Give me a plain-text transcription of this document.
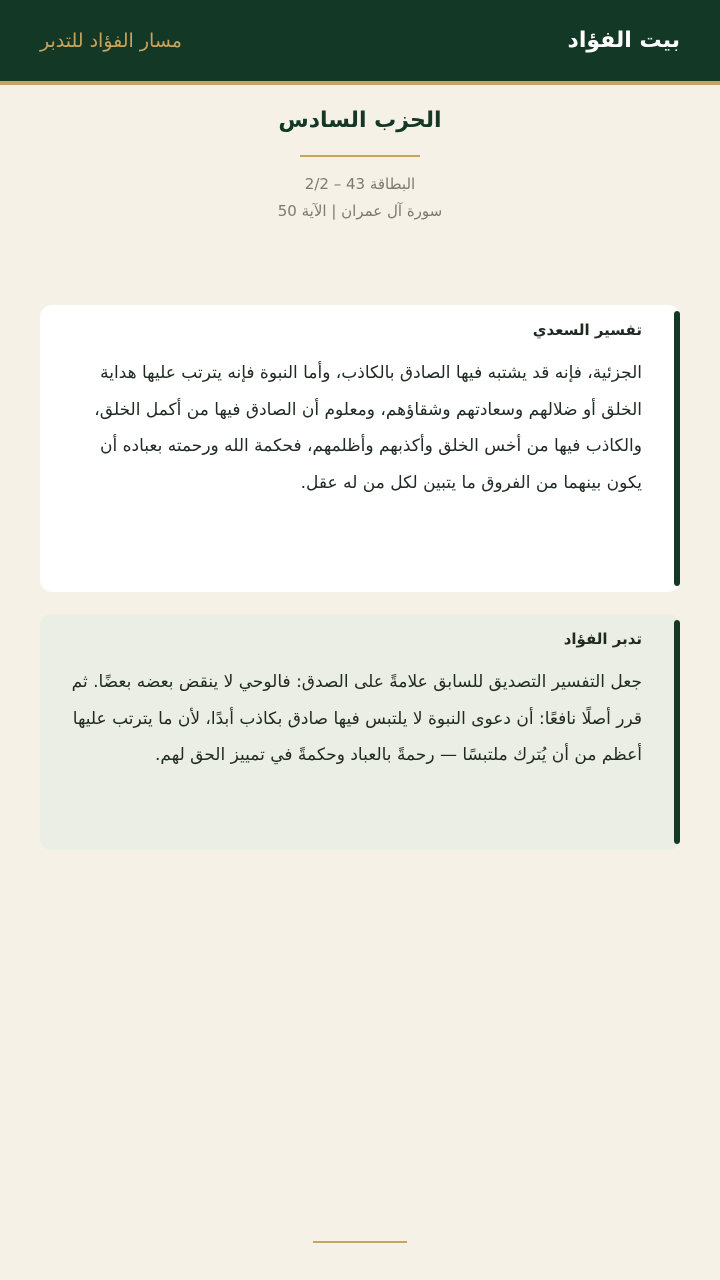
بيت الفؤاد
مسار الفؤاد للتدبر
الحزب السادس
البطاقة 43 – 2/2
سورة آل عمران | الآية 50
تفسير السعدي
الجزئية، فإنه قد يشتبه فيها الصادق بالكاذب، وأما النبوة فإنه يترتب عليها هداية الخلق أو ضلالهم وسعادتهم وشقاؤهم، ومعلوم أن الصادق فيها من أكمل الخلق، والكاذب فيها من أخس الخلق وأكذبهم وأظلمهم، فحكمة الله ورحمته بعباده أن يكون بينهما من الفروق ما يتبين لكل من له عقل.
تدبر الفؤاد
جعل التفسير التصديق للسابق علامةً على الصدق: فالوحي لا ينقض بعضه بعضًا. ثم قرر أصلًا نافعًا: أن دعوى النبوة لا يلتبس فيها صادق بكاذب أبدًا، لأن ما يترتب عليها أعظم من أن يُترك ملتبسًا — رحمةً بالعباد وحكمةً في تمييز الحق لهم.
